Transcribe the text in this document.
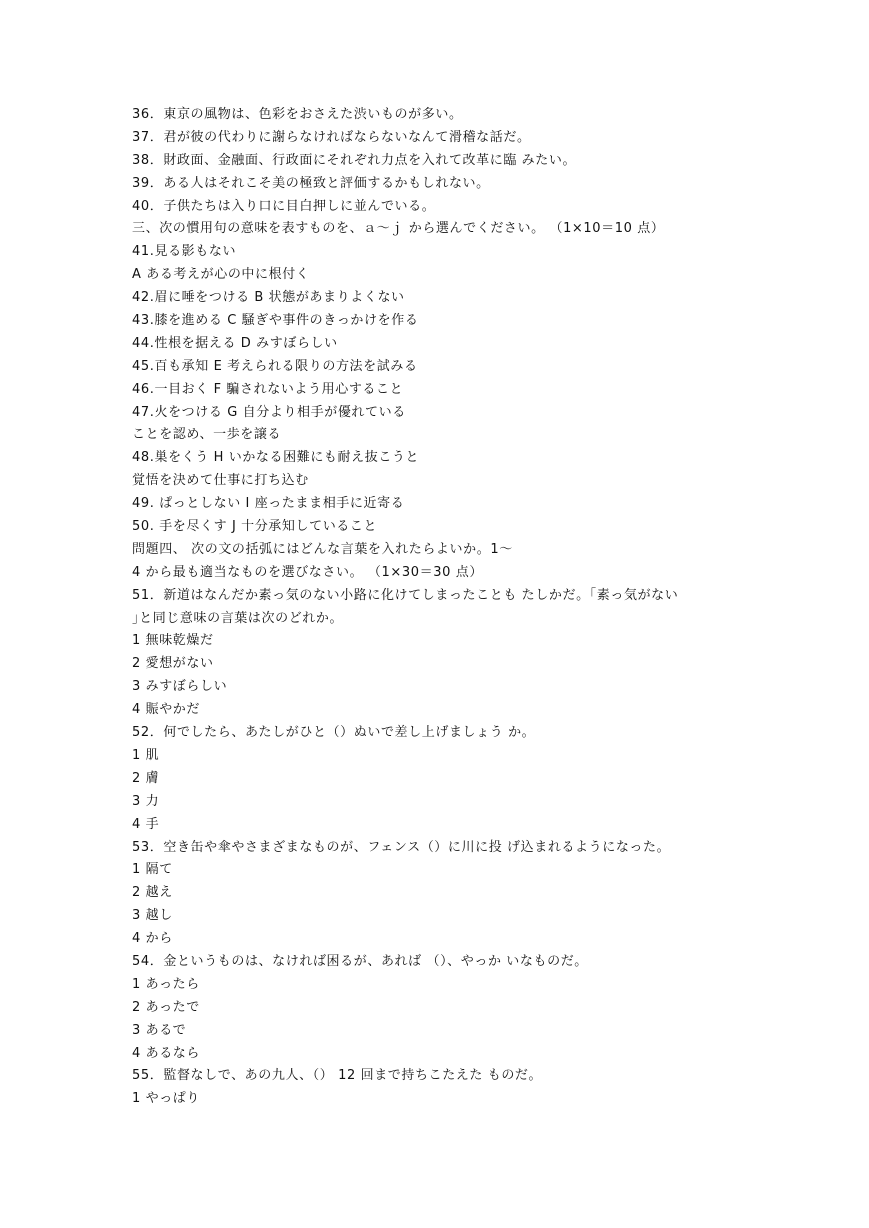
36．東京の風物は、色彩をおさえた渋いものが多い。
37．君が彼の代わりに謝らなければならないなんて滑稽な話だ。
38．財政面、金融面、行政面にそれぞれ力点を入れて改革に臨 みたい。
39．ある人はそれこそ美の極致と評価するかもしれない。
40．子供たちは入り口に目白押しに並んでいる。
三、次の慣用句の意味を表すものを、ａ～ｊ から選んでください。 （1×10＝10 点）
41.見る影もない
A ある考えが心の中に根付く
42.眉に唾をつける B 状態があまりよくない
43.膝を進める C 騒ぎや事件のきっかけを作る
44.性根を据える D みすぼらしい
45.百も承知 E 考えられる限りの方法を試みる
46.一目おく F 騙されないよう用心すること
47.火をつける G 自分より相手が優れている
ことを認め、一歩を譲る
48.巣をくう H いかなる困難にも耐え抜こうと
覚悟を決めて仕事に打ち込む
49. ぱっとしない I 座ったまま相手に近寄る
50. 手を尽くす J 十分承知していること
問題四、 次の文の括弧にはどんな言葉を入れたらよいか。1～
4 から最も適当なものを選びなさい。 （1×30＝30 点）
51．新道はなんだか素っ気のない小路に化けてしまったことも たしかだ。｢素っ気がない
｣と同じ意味の言葉は次のどれか。
1 無味乾燥だ
2 愛想がない
3 みすぼらしい
4 賑やかだ
52．何でしたら、あたしがひと（）ぬいで差し上げましょう か。
1 肌
2 膚
3 力
4 手
53．空き缶や傘やさまざまなものが、フェンス（）に川に投 げ込まれるようになった。
1 隔て
2 越え
3 越し
4 から
54．金というものは、なければ困るが、あれば （）、やっか いなものだ。
1 あったら
2 あったで
3 あるで
4 あるなら
55．監督なしで、あの九人、（） 12 回まで持ちこたえた ものだ。
1 やっぱり
